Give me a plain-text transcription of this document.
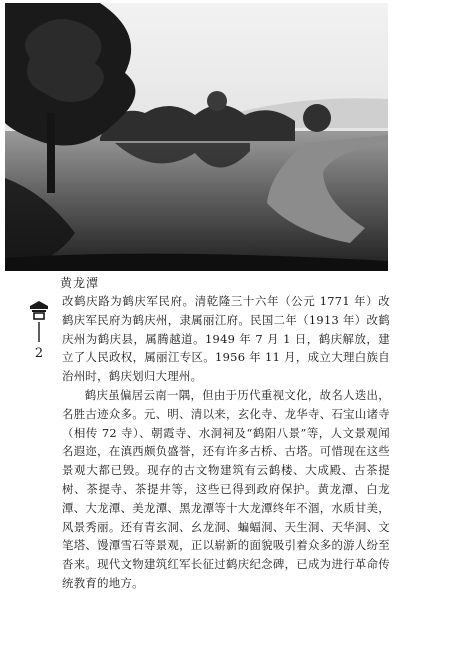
黄龙潭
2

改鹤庆路为鹤庆军民府。清乾隆三十六年（公元 1771 年）改鹤庆军民府为鹤庆州，隶属丽江府。民国二年（1913 年）改鹤庆州为鹤庆县，属腾越道。1949 年 7 月 1 日，鹤庆解放，建立了人民政权，属丽江专区。1956 年 11 月，成立大理白族自治州时，鹤庆划归大理州。

鹤庆虽偏居云南一隅，但由于历代重视文化，故名人迭出，名胜古迹众多。元、明、清以来，玄化寺、龙华寺、石宝山诸寺（相传 72 寺）、朝霞寺、水洞祠及“鹤阳八景”等，人文景观闻名遐迩，在滇西颇负盛誉，还有许多古桥、古塔。可惜现在这些景观大都已毁。现存的古文物建筑有云鹤楼、大成殿、古茶提树、茶提寺、茶提井等，这些已得到政府保护。黄龙潭、白龙潭、大龙潭、美龙潭、黑龙潭等十大龙潭终年不涸，水质甘美，风景秀丽。还有青玄洞、幺龙洞、蝙蝠洞、天生洞、天华洞、文笔塔、馒潭雪石等景观，正以崭新的面貌吸引着众多的游人纷至沓来。现代文物建筑红军长征过鹤庆纪念碑，已成为进行革命传统教育的地方。
